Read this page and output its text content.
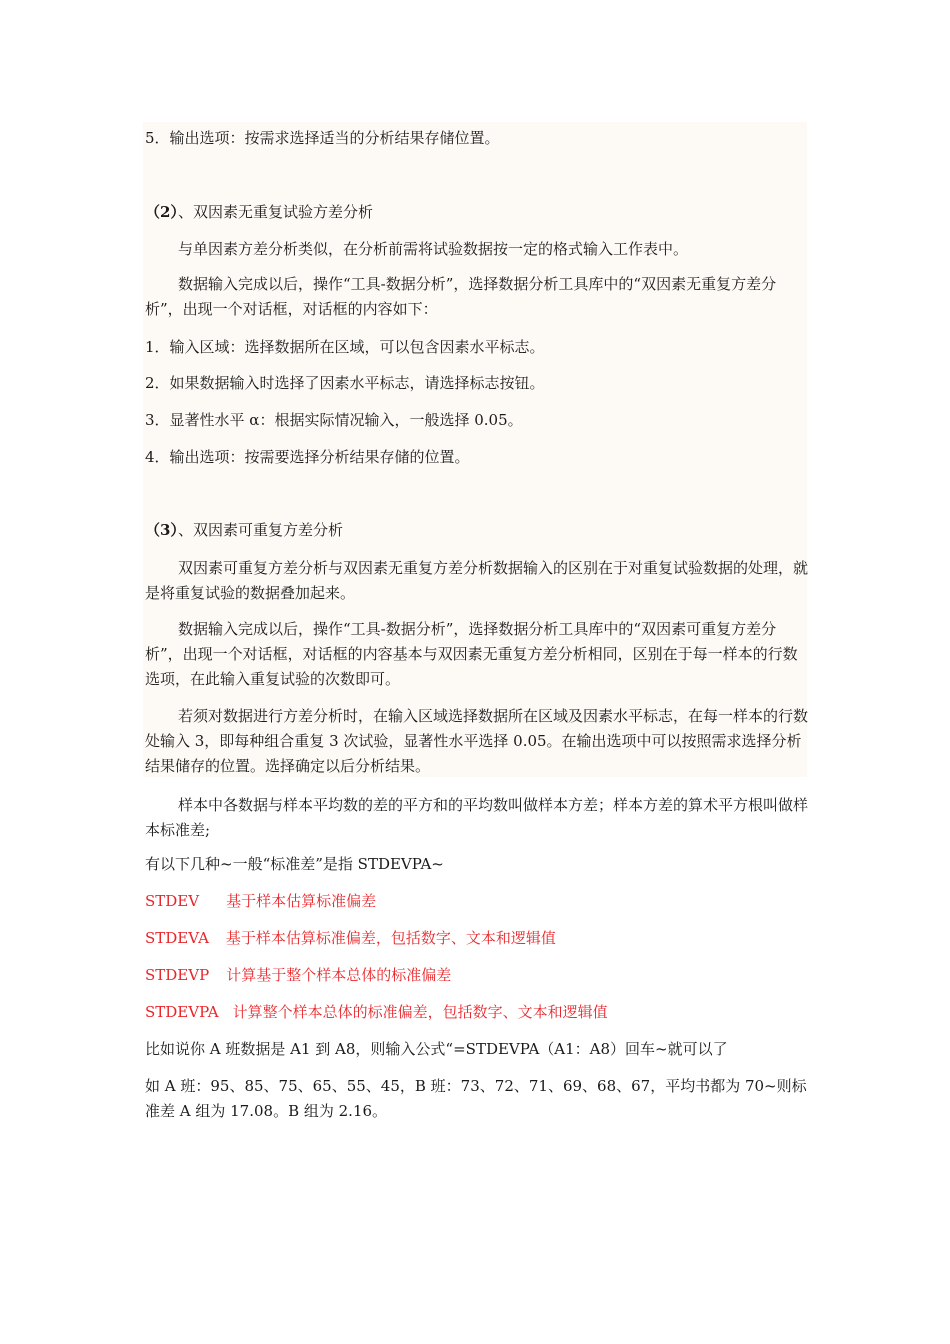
5．输出选项：按需求选择适当的分析结果存储位置。
（2）、双因素无重复试验方差分析
与单因素方差分析类似，在分析前需将试验数据按一定的格式输入工作表中。
数据输入完成以后，操作“工具-数据分析”，选择数据分析工具库中的“双因素无重复方差分析”，出现一个对话框，对话框的内容如下：
1．输入区域：选择数据所在区域，可以包含因素水平标志。
2．如果数据输入时选择了因素水平标志，请选择标志按钮。
3．显著性水平 α：根据实际情况输入，一般选择 0.05。
4．输出选项：按需要选择分析结果存储的位置。
（3）、双因素可重复方差分析
双因素可重复方差分析与双因素无重复方差分析数据输入的区别在于对重复试验数据的处理，就是将重复试验的数据叠加起来。
数据输入完成以后，操作“工具-数据分析”，选择数据分析工具库中的“双因素可重复方差分析”，出现一个对话框，对话框的内容基本与双因素无重复方差分析相同，区别在于每一样本的行数选项，在此输入重复试验的次数即可。
若须对数据进行方差分析时，在输入区域选择数据所在区域及因素水平标志，在每一样本的行数处输入 3，即每种组合重复 3 次试验，显著性水平选择 0.05。在输出选项中可以按照需求选择分析结果储存的位置。选择确定以后分析结果。
样本中各数据与样本平均数的差的平方和的平均数叫做样本方差；样本方差的算术平方根叫做样本标准差;
有以下几种~一般“标准差”是指 STDEVPA~
STDEV 基于样本估算标准偏差
STDEVA 基于样本估算标准偏差，包括数字、文本和逻辑值
STDEVP 计算基于整个样本总体的标准偏差
STDEVPA 计算整个样本总体的标准偏差，包括数字、文本和逻辑值
比如说你 A 班数据是 A1 到 A8，则输入公式“=STDEVPA（A1：A8）回车~就可以了
如 A 班：95、85、75、65、55、45，B 班：73、72、71、69、68、67，平均书都为 70~则标准差 A 组为 17.08。B 组为 2.16。
